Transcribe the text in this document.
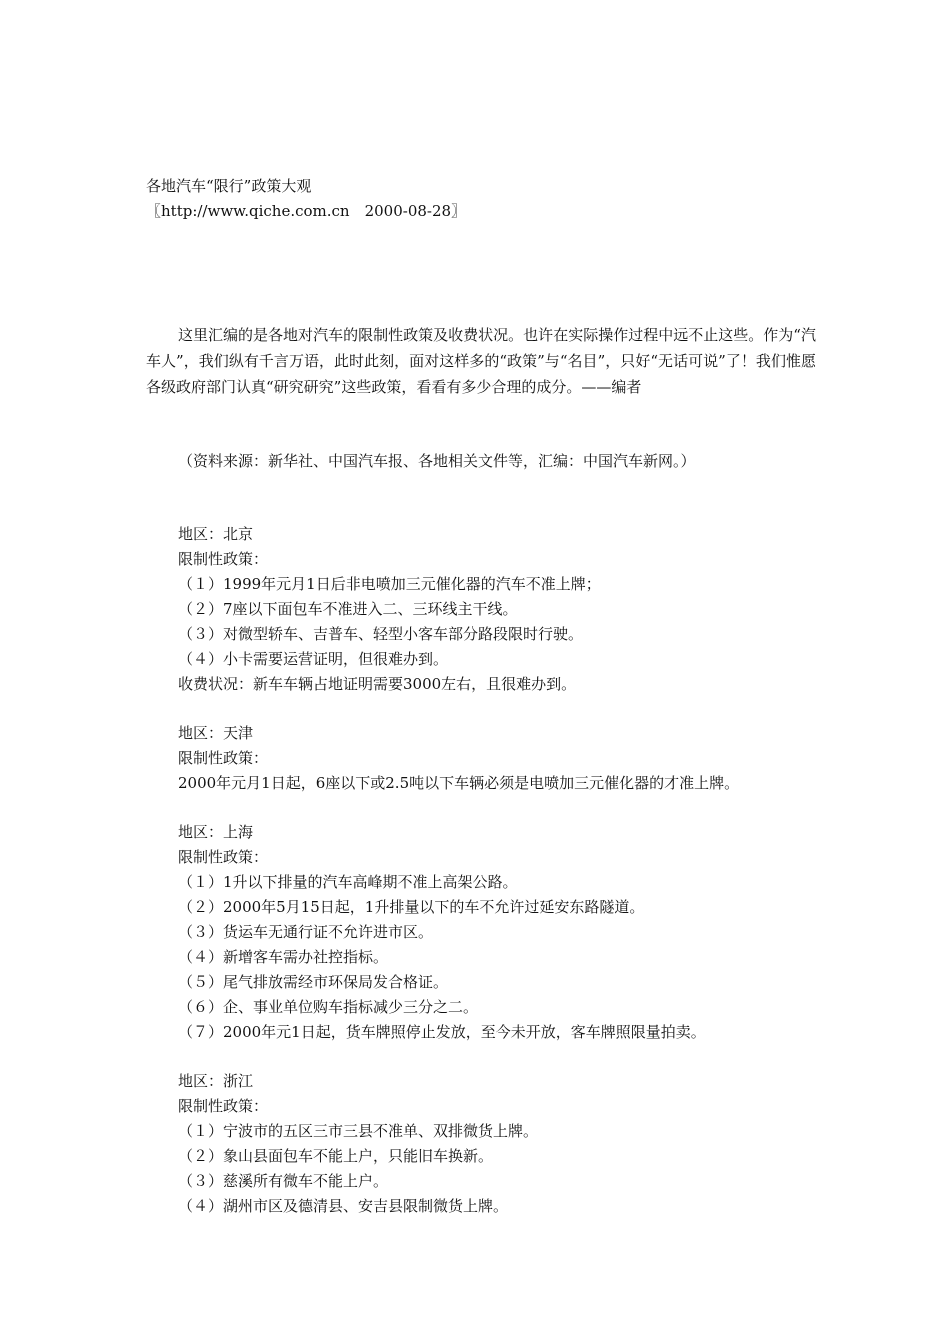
各地汽车“限行”政策大观
〖http://www.qiche.com.cn　2000-08-28〗
这里汇编的是各地对汽车的限制性政策及收费状况。也许在实际操作过程中远不止这些。作为“汽车人”，我们纵有千言万语，此时此刻，面对这样多的“政策”与“名目”，只好“无话可说”了！我们惟愿各级政府部门认真“研究研究”这些政策，看看有多少合理的成分。——编者
（资料来源：新华社、中国汽车报、各地相关文件等，汇编：中国汽车新网。）
地区：北京
限制性政策：
（１）1999年元月1日后非电喷加三元催化器的汽车不准上牌；
（２）7座以下面包车不准进入二、三环线主干线。
（３）对微型轿车、吉普车、轻型小客车部分路段限时行驶。
（４）小卡需要运营证明，但很难办到。
收费状况：新车车辆占地证明需要3000左右，且很难办到。
地区：天津
限制性政策：
2000年元月1日起，6座以下或2.5吨以下车辆必须是电喷加三元催化器的才准上牌。
地区：上海
限制性政策：
（１）1升以下排量的汽车高峰期不准上高架公路。
（２）2000年5月15日起，1升排量以下的车不允许过延安东路隧道。
（３）货运车无通行证不允许进市区。
（４）新增客车需办社控指标。
（５）尾气排放需经市环保局发合格证。
（６）企、事业单位购车指标减少三分之二。
（７）2000年元1日起，货车牌照停止发放，至今未开放，客车牌照限量拍卖。
地区：浙江
限制性政策：
（１）宁波市的五区三市三县不准单、双排微货上牌。
（２）象山县面包车不能上户，只能旧车换新。
（３）慈溪所有微车不能上户。
（４）湖州市区及德清县、安吉县限制微货上牌。
